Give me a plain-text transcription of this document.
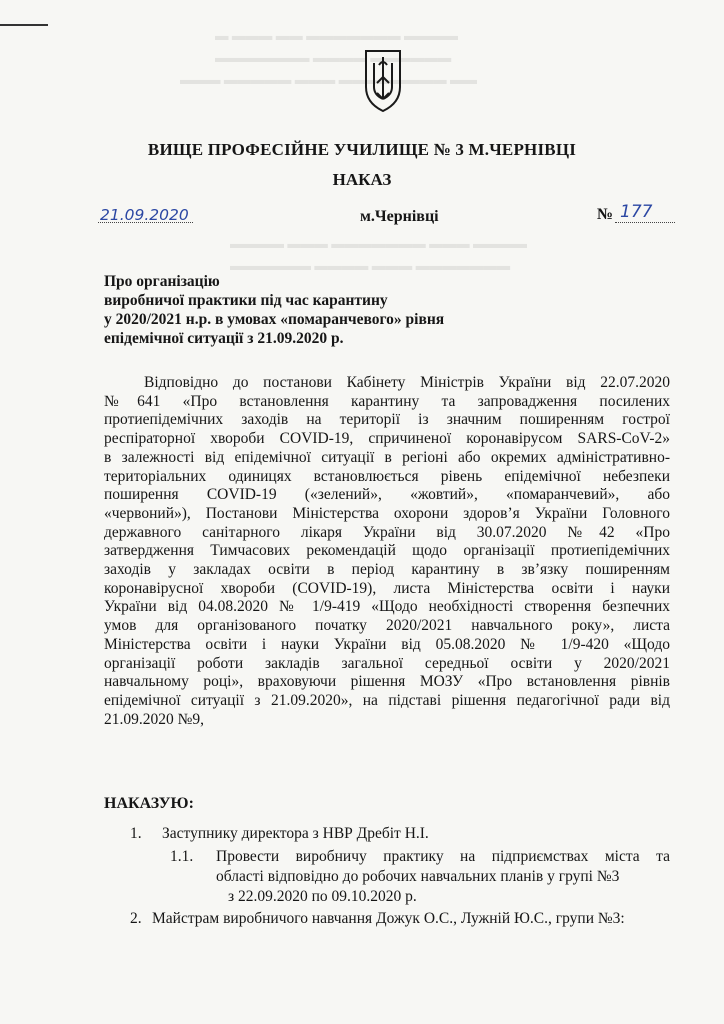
▬ ▬▬▬ ▬▬ ▬▬▬▬▬▬▬ ▬▬▬▬
▬▬▬▬▬▬▬ ▬▬▬▬ ▬▬▬▬▬▬
▬▬▬ ▬▬▬▬▬ ▬▬▬ ▬▬▬▬▬▬▬▬ ▬▬
▬▬▬▬ ▬▬▬ ▬▬▬▬▬▬▬ ▬▬▬ ▬▬▬▬
▬▬▬▬▬▬ ▬▬▬▬ ▬▬▬ ▬▬▬▬▬▬▬
ВИЩЕ ПРОФЕСІЙНЕ УЧИЛИЩЕ № 3 М.ЧЕРНІВЦІ
НАКАЗ
21.09.2020	м.Чернівці	№ 177
Про організацію
виробничої практики під час карантину
у 2020/2021 н.р. в умовах «помаранчевого» рівня
епідемічної ситуації з 21.09.2020 р.
Відповідно до постанови Кабінету Міністрів України від 22.07.2020
№641 «Про встановлення карантину та запровадження посилених
протиепідемічних заходів на території із значним поширенням гострої
респіраторної хвороби COVID-19, спричиненої коронавірусом SARS-CoV-2»
в залежності від епідемічної ситуації в регіоні або окремих адміністративно-
територіальних одиницях встановлюється рівень епідемічної небезпеки
поширення COVID-19 («зелений», «жовтий», «помаранчевий», або
«червоний»), Постанови Міністерства охорони здоров’я України Головного
державного санітарного лікаря України від 30.07.2020 №42 «Про
затвердження Тимчасових рекомендацій щодо організації протиепідемічних
заходів у закладах освіти в період карантину в зв’язку поширенням
коронавірусної хвороби (COVID-19), листа Міністерства освіти і науки
України від 04.08.2020 № 1/9-419 «Щодо необхідності створення безпечних
умов для організованого початку 2020/2021 навчального року», листа
Міністерства освіти і науки України від 05.08.2020 № 1/9-420 «Щодо
організації роботи закладів загальної середньої освіти у 2020/2021
навчальному році», враховуючи рішення МОЗУ «Про встановлення рівнів
епідемічної ситуації з 21.09.2020», на підставі рішення педагогічної ради від
21.09.2020 №9,
НАКАЗУЮ:
1. Заступнику директора з НВР Дребіт Н.І.
1.1. Провести виробничу практику на підприємствах міста та
області відповідно до робочих навчальних планів у групі №3
з 22.09.2020 по 09.10.2020 р.
2. Майстрам виробничого навчання Дожук О.С., Лужній Ю.С., групи №3:
